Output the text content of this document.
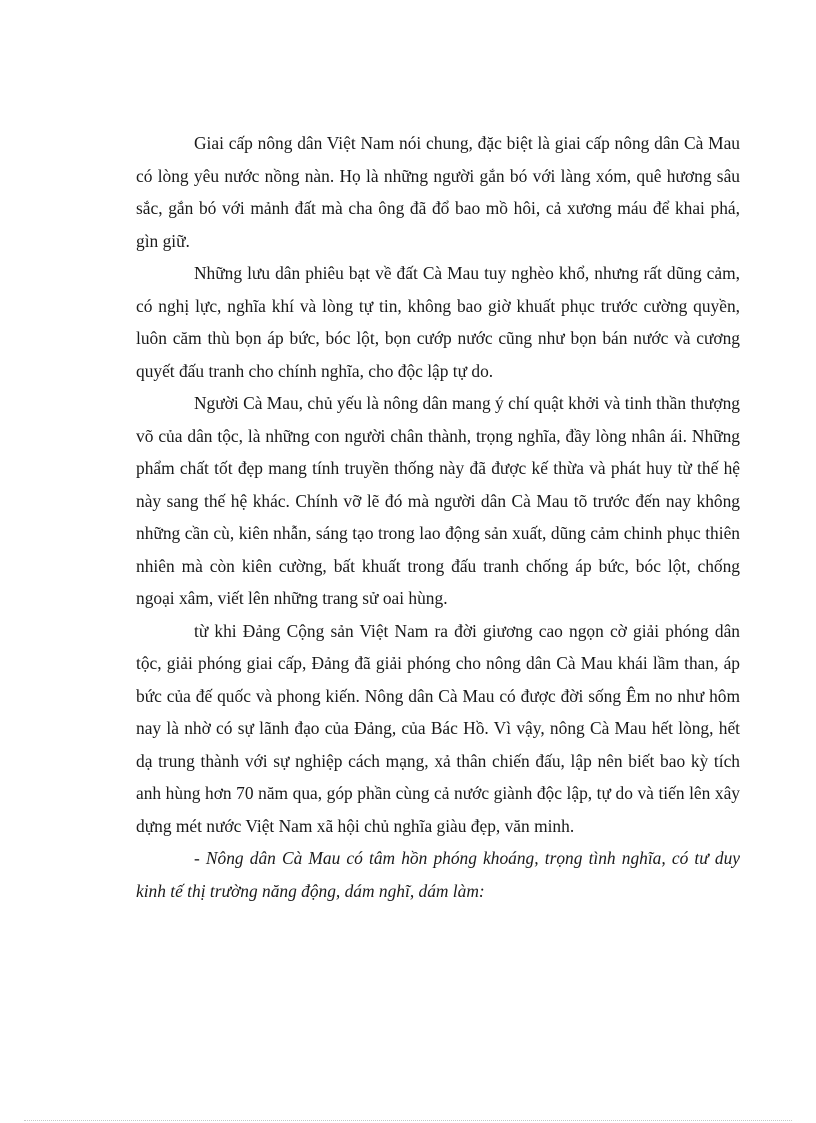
Giai cấp nông dân Việt Nam nói chung, đặc biệt là giai cấp nông dân Cà Mau có lòng yêu nước nồng nàn. Họ là những người gắn bó với làng xóm, quê hương sâu sắc, gắn bó với mảnh đất mà cha ông đã đổ bao mồ hôi, cả xương máu để khai phá, gìn giữ.

Những lưu dân phiêu bạt về đất Cà Mau tuy nghèo khổ, nhưng rất dũng cảm, có nghị lực, nghĩa khí và lòng tự tin, không bao giờ khuất phục trước cường quyền, luôn căm thù bọn áp bức, bóc lột, bọn cướp nước cũng như bọn bán nước và cương quyết đấu tranh cho chính nghĩa, cho độc lập tự do.

Người Cà Mau, chủ yếu là nông dân mang ý chí quật khởi và tinh thần thượng võ của dân tộc, là những con người chân thành, trọng nghĩa, đầy lòng nhân ái. Những phẩm chất tốt đẹp mang tính truyền thống này đã được kế thừa và phát huy từ thế hệ này sang thế hệ khác. Chính vỡ lẽ đó mà người dân Cà Mau tõ trước đến nay không những cần cù, kiên nhẫn, sáng tạo trong lao động sản xuất, dũng cảm chinh phục thiên nhiên mà còn kiên cường, bất khuất trong đấu tranh chống áp bức, bóc lột, chống ngoại xâm, viết lên những trang sử oai hùng.

từ khi Đảng Cộng sản Việt Nam ra đời giương cao ngọn cờ giải phóng dân tộc, giải phóng giai cấp, Đảng đã giải phóng cho nông dân Cà Mau khái lầm than, áp bức của đế quốc và phong kiến. Nông dân Cà Mau có được đời sống Êm no như hôm nay là nhờ có sự lãnh đạo của Đảng, của Bác Hồ. Vì vậy, nông Cà Mau hết lòng, hết dạ trung thành với sự nghiệp cách mạng, xả thân chiến đấu, lập nên biết bao kỳ tích anh hùng hơn 70 năm qua, góp phần cùng cả nước giành độc lập, tự do và tiến lên xây dựng mét nước Việt Nam xã hội chủ nghĩa giàu đẹp, văn minh.

- Nông dân Cà Mau có tâm hồn phóng khoáng, trọng tình nghĩa, có tư duy kinh tế thị trường năng động, dám nghĩ, dám làm:
